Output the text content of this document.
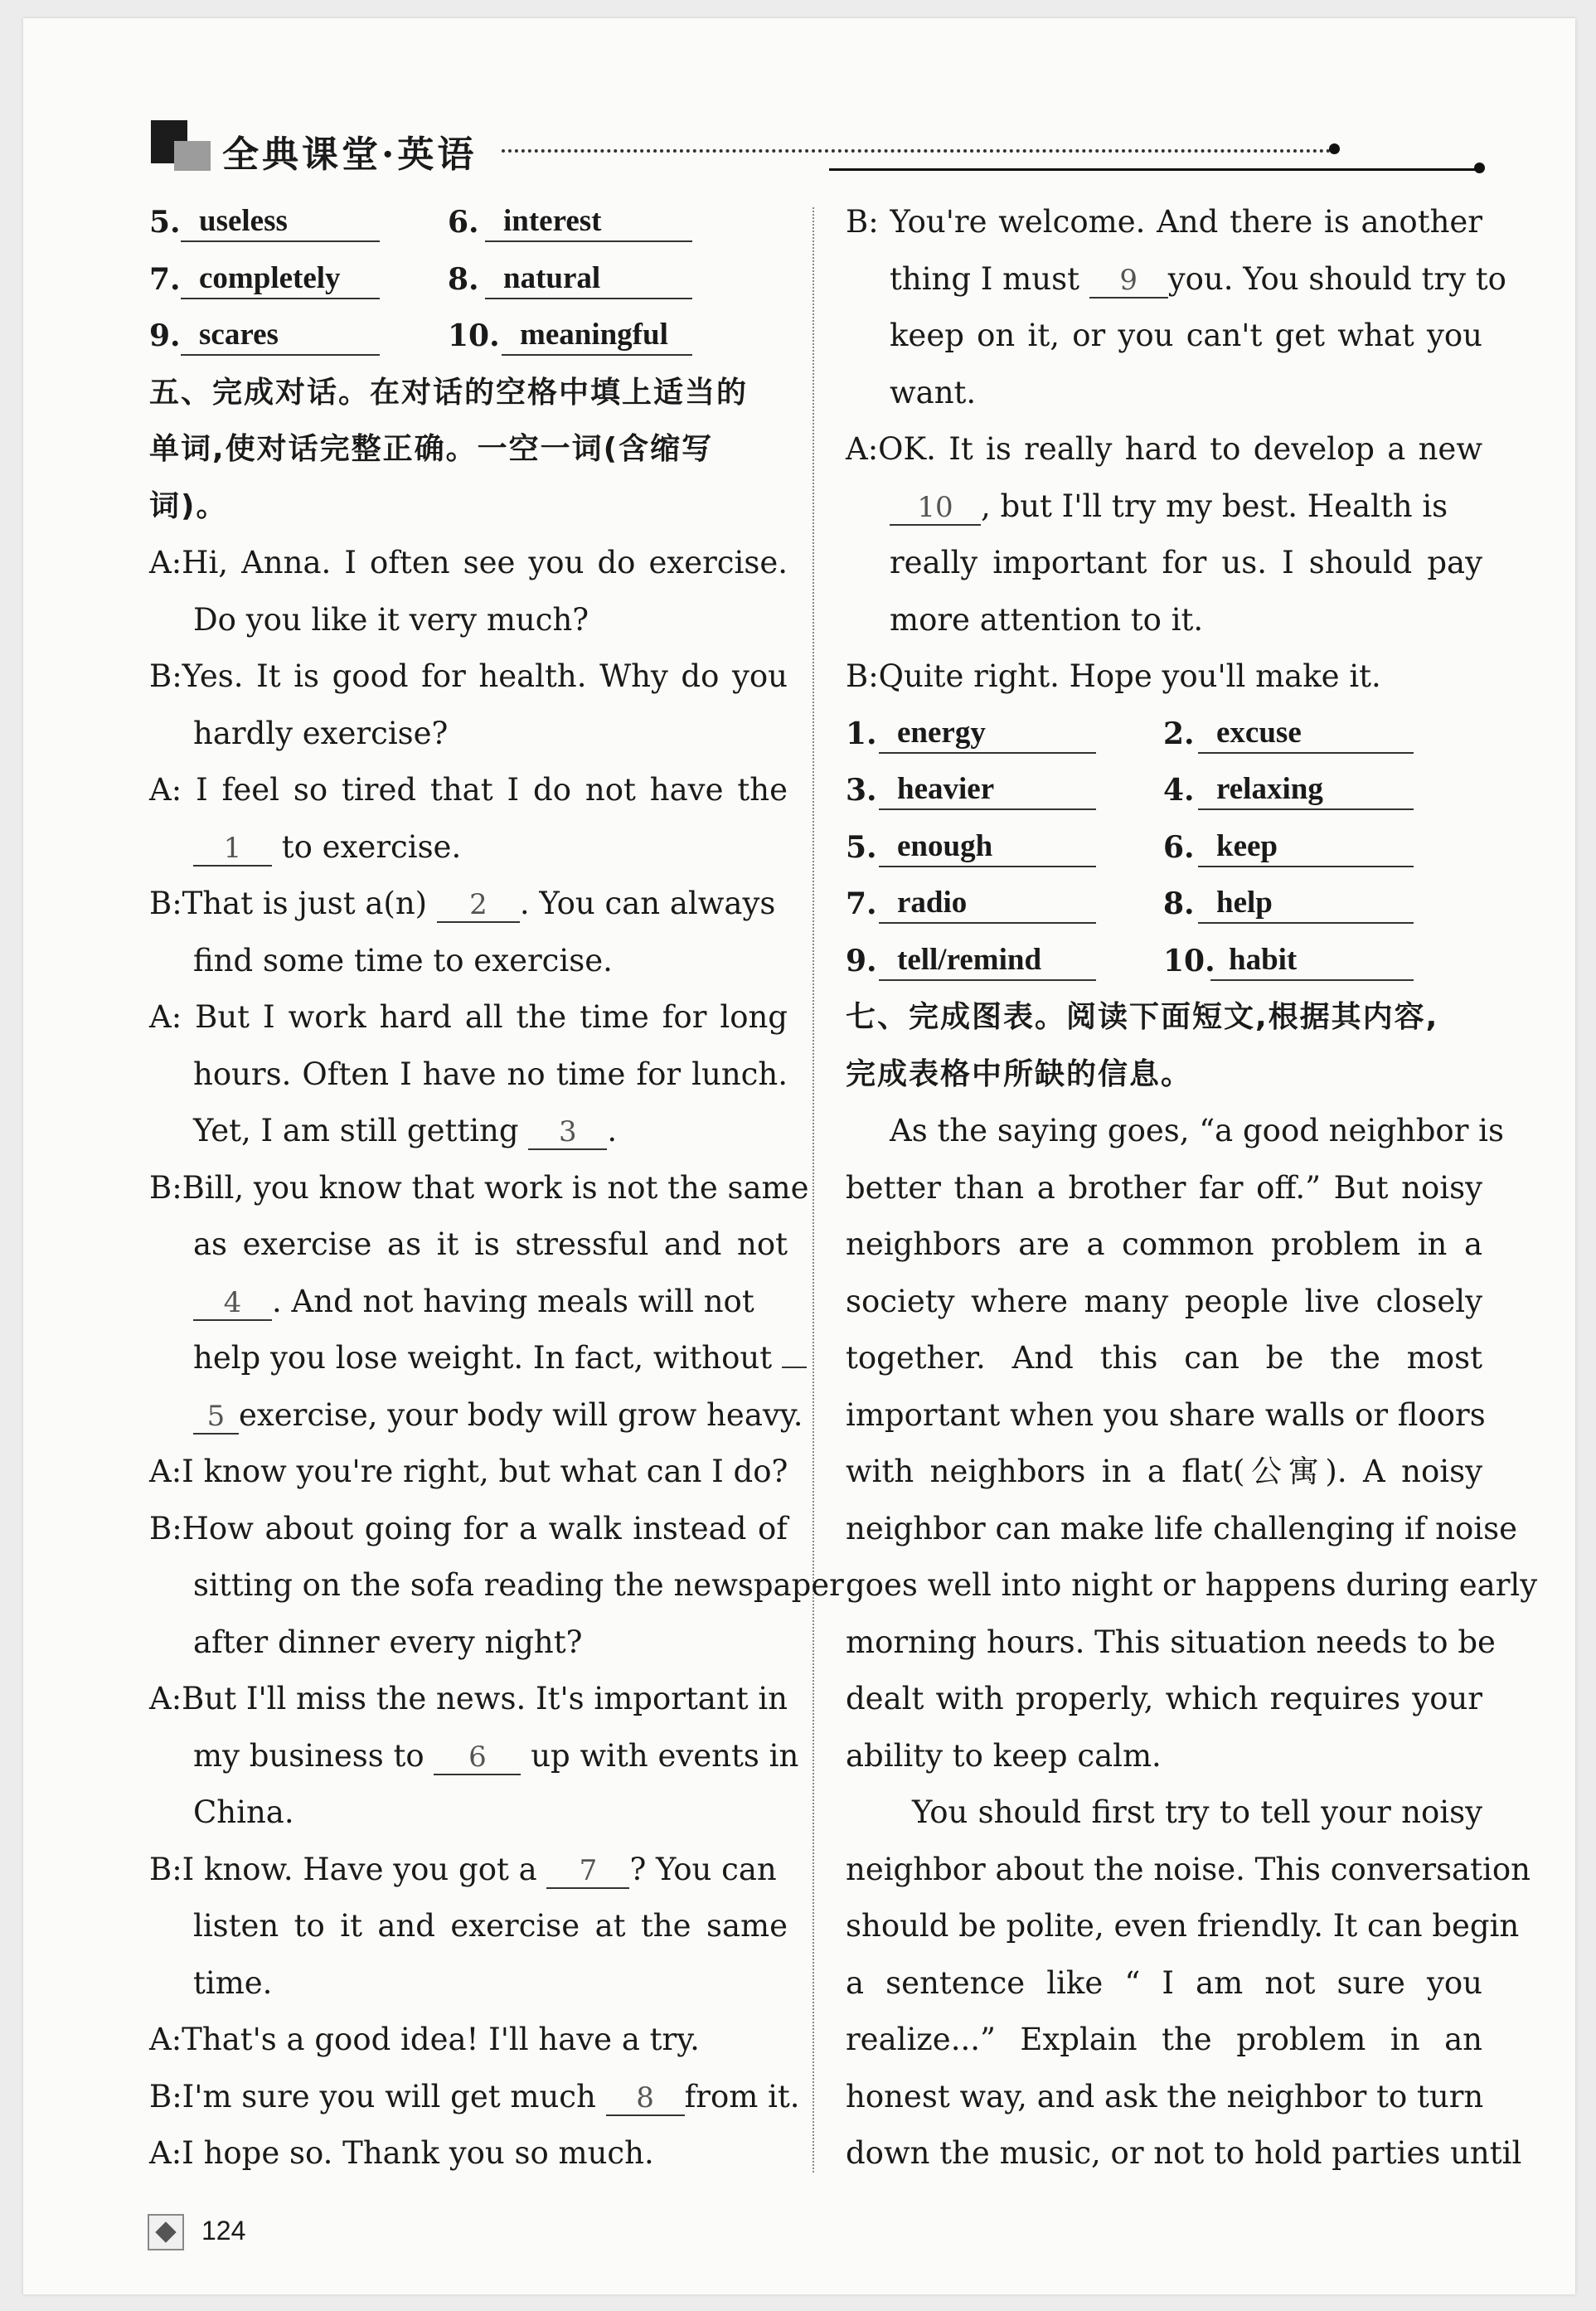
全典课堂·英语
5. useless	6. interest
7. completely	8. natural
9. scares	10. meaningful
五、完成对话。在对话的空格中填上适当的
单词,使对话完整正确。一空一词(含缩写
词)。
A:Hi, Anna. I often see you do exercise.
Do you like it very much?
B:Yes. It is good for health. Why do you
hardly exercise?
A: I feel so tired that I do not have the
1 to exercise.
B:That is just a(n) 2 . You can always
find some time to exercise.
A: But I work hard all the time for long
hours. Often I have no time for lunch.
Yet, I am still getting 3 .
B:Bill, you know that work is not the same
as exercise as it is stressful and not
4 . And not having meals will not
help you lose weight. In fact, without
5 exercise, your body will grow heavy.
A:I know you're right, but what can I do?
B:How about going for a walk instead of
sitting on the sofa reading the newspaper
after dinner every night?
A:But I'll miss the news. It's important in
my business to 6 up with events in
China.
B:I know. Have you got a 7 ? You can
listen to it and exercise at the same
time.
A:That's a good idea! I'll have a try.
B:I'm sure you will get much 8 from it.
A:I hope so. Thank you so much.
B: You're welcome. And there is another
thing I must 9 you. You should try to
keep on it, or you can't get what you
want.
A:OK. It is really hard to develop a new
10 , but I'll try my best. Health is
really important for us. I should pay
more attention to it.
B:Quite right. Hope you'll make it.
1. energy	2. excuse
3. heavier	4. relaxing
5. enough	6. keep
7. radio	8. help
9. tell/remind	10. habit
七、完成图表。阅读下面短文,根据其内容,
完成表格中所缺的信息。
As the saying goes, “a good neighbor is
better than a brother far off.” But noisy
neighbors are a common problem in a
society where many people live closely
together. And this can be the most
important when you share walls or floors
with neighbors in a flat(公寓). A noisy
neighbor can make life challenging if noise
goes well into night or happens during early
morning hours. This situation needs to be
dealt with properly, which requires your
ability to keep calm.
You should first try to tell your noisy
neighbor about the noise. This conversation
should be polite, even friendly. It can begin
a sentence like “ I am not sure you
realize...” Explain the problem in an
honest way, and ask the neighbor to turn
down the music, or not to hold parties until
124
